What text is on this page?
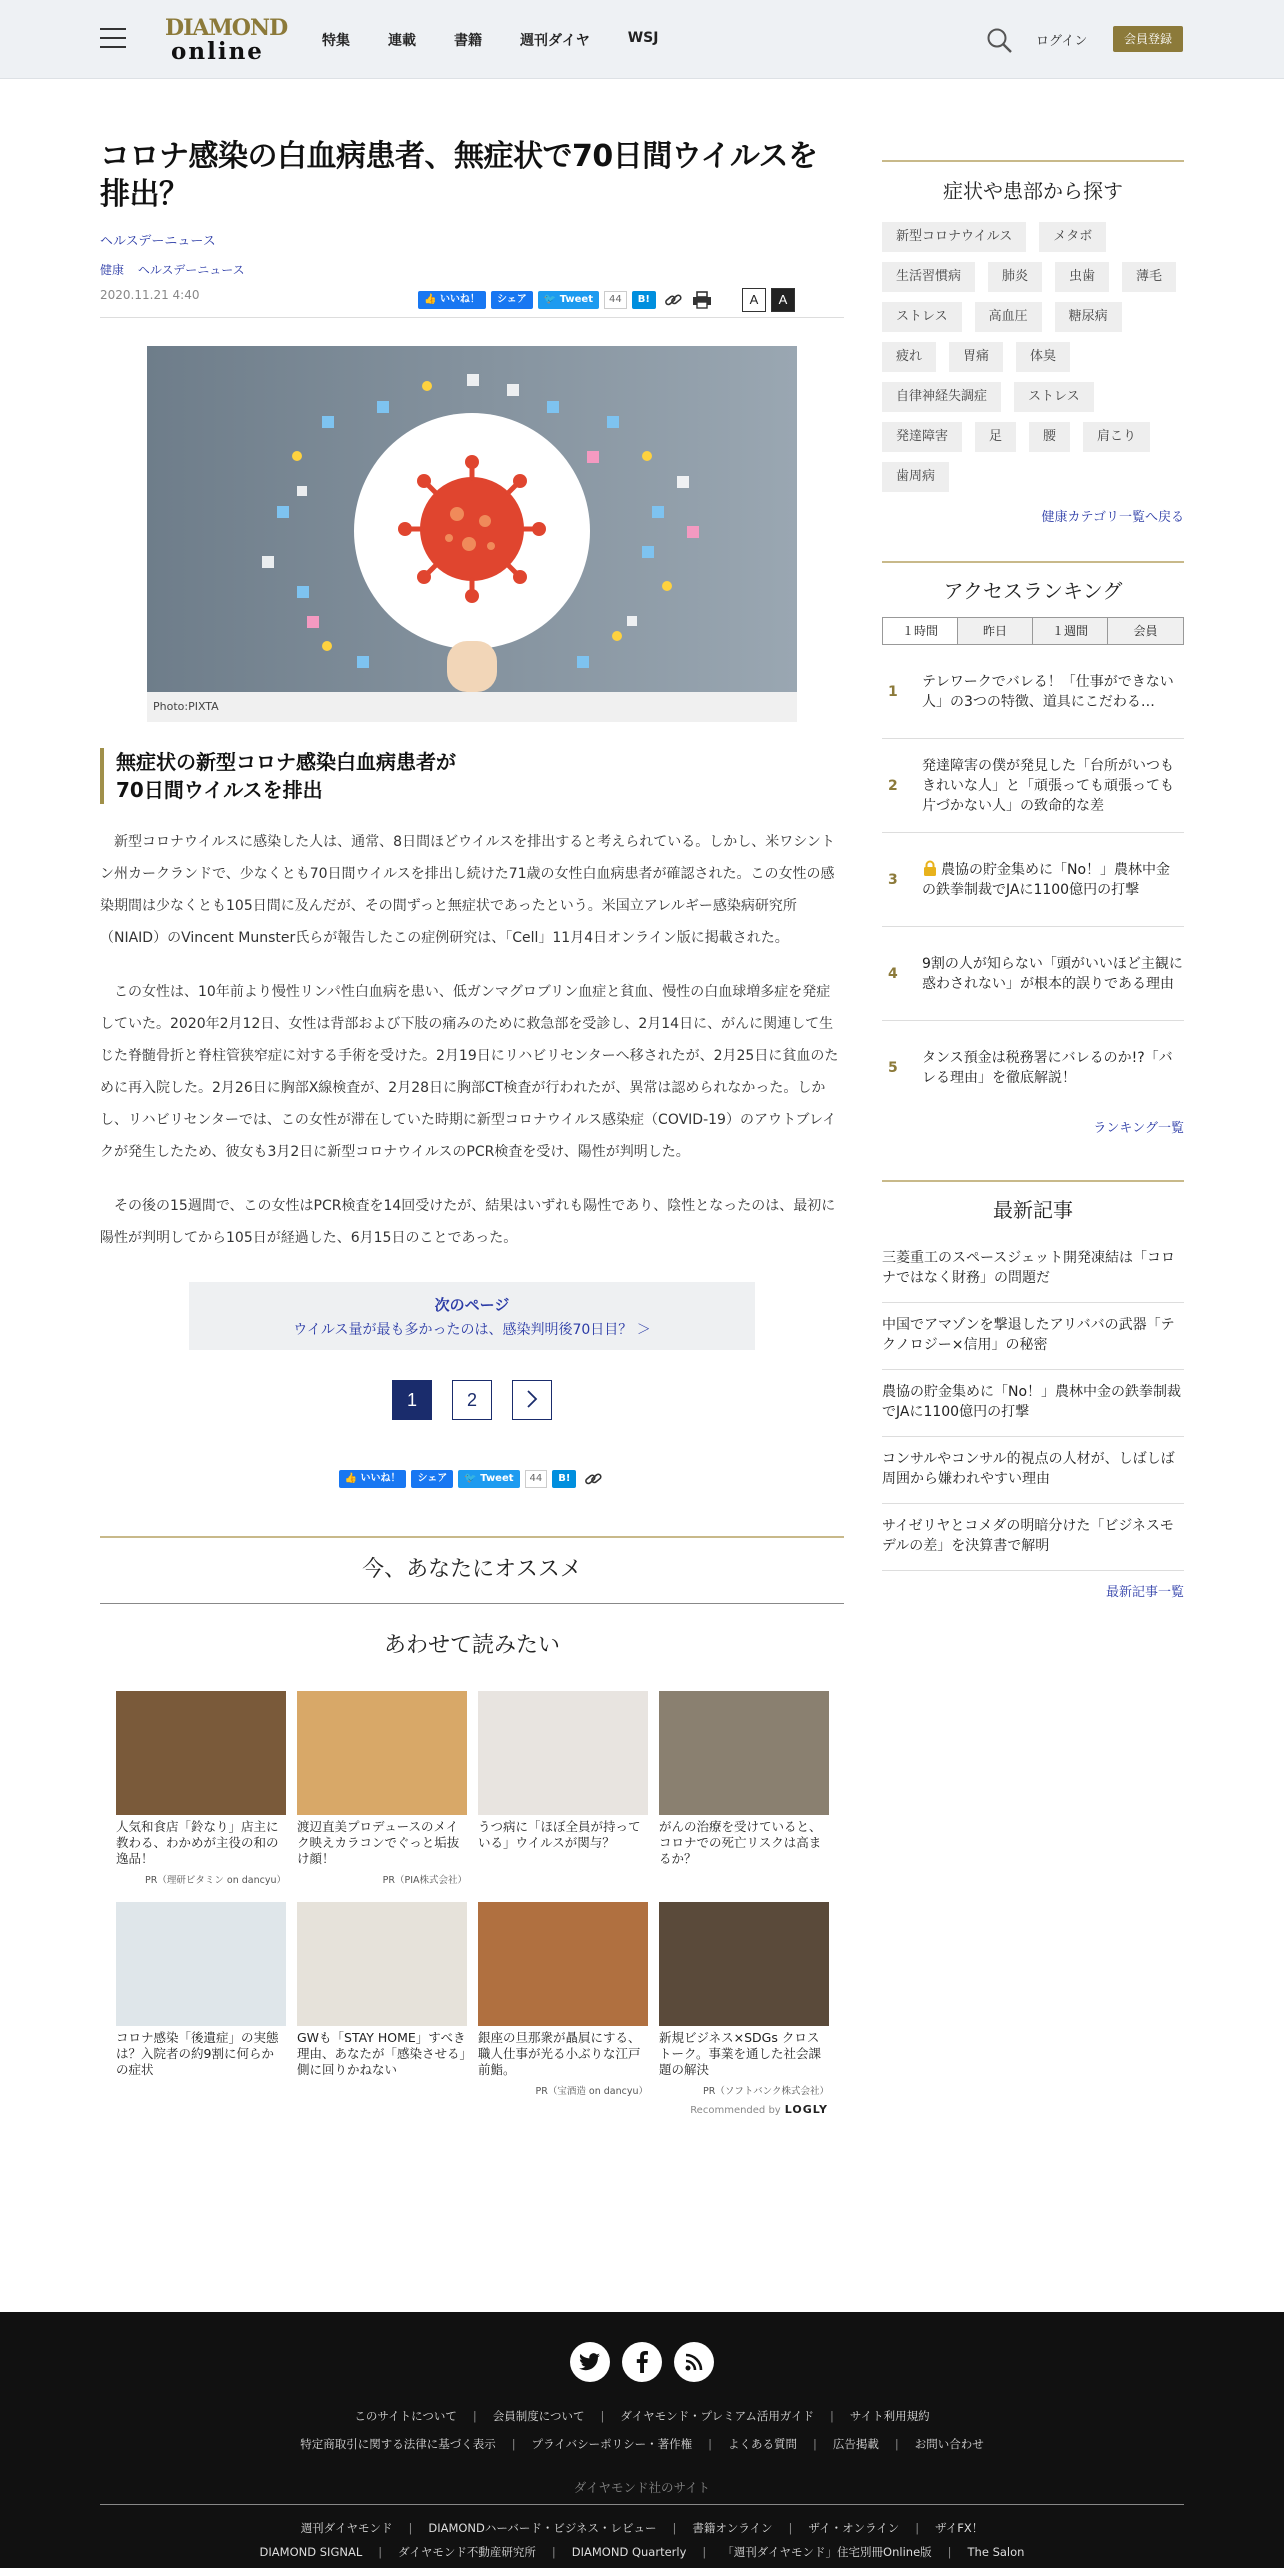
DIAMOND
online	特集	連載	書籍	週刊ダイヤ	WSJ	ログイン	会員登録
コロナ感染の白血病患者、無症状で70日間ウイルスを排出？
ヘルスデーニュース
健康 ヘルスデーニュース
2020.11.21 4:40	👍 いいね！	シェア	🐦 Tweet	44	B!	A	A
Photo:PIXTA
無症状の新型コロナ感染白血病患者が
70日間ウイルスを排出

新型コロナウイルスに感染した人は、通常、8日間ほどウイルスを排出すると考えられている。しかし、米ワシントン州カークランドで、少なくとも70日間ウイルスを排出し続けた71歳の女性白血病患者が確認された。この女性の感染期間は少なくとも105日間に及んだが、その間ずっと無症状であったという。米国立アレルギー感染病研究所（NIAID）のVincent Munster氏らが報告したこの症例研究は、「Cell」11月4日オンライン版に掲載された。

この女性は、10年前より慢性リンパ性白血病を患い、低ガンマグロブリン血症と貧血、慢性の白血球増多症を発症していた。2020年2月12日、女性は背部および下肢の痛みのために救急部を受診し、2月14日に、がんに関連して生じた脊髄骨折と脊柱管狭窄症に対する手術を受けた。2月19日にリハビリセンターへ移されたが、2月25日に貧血のために再入院した。2月26日に胸部X線検査が、2月28日に胸部CT検査が行われたが、異常は認められなかった。しかし、リハビリセンターでは、この女性が滞在していた時期に新型コロナウイルス感染症（COVID-19）のアウトブレイクが発生したため、彼女も3月2日に新型コロナウイルスのPCR検査を受け、陽性が判明した。

その後の15週間で、この女性はPCR検査を14回受けたが、結果はいずれも陽性であり、陰性となったのは、最初に陽性が判明してから105日が経過した、6月15日のことであった。

次のページ
ウイルス量が最も多かったのは、感染判明後70日目？ ＞
1	2
👍 いいね！	シェア	🐦 Tweet	44	B!
今、あなたにオススメ
あわせて読みたい
人気和食店「鈴なり」店主に教わる、わかめが主役の和の逸品！
PR（理研ビタミン on dancyu）
渡辺直美プロデュースのメイク映えカラコンでぐっと垢抜け顔！
PR（PIA株式会社）
うつ病に「ほぼ全員が持っている」ウイルスが関与？
がんの治療を受けていると、コロナでの死亡リスクは高まるか？
コロナ感染「後遺症」の実態は？入院者の約9割に何らかの症状
GWも「STAY HOME」すべき理由、あなたが「感染させる」側に回りかねない
銀座の旦那衆が贔屓にする、職人仕事が光る小ぶりな江戸前鮨。
PR（宝酒造 on dancyu）
新規ビジネス×SDGs クロストーク。事業を通した社会課題の解決
PR（ソフトバンク株式会社）
Recommended by LOGLY
症状や患部から探す
新型コロナウイルス	メタボ
生活習慣病	肺炎	虫歯	薄毛
ストレス	高血圧	糖尿病
疲れ	胃痛	体臭
自律神経失調症	ストレス
発達障害	足	腰	肩こり
歯周病
健康カテゴリ一覧へ戻る
アクセスランキング
１時間	昨日	１週間	会員
1
テレワークでバレる！「仕事ができない人」の3つの特徴、道具にこだわる…
2
発達障害の僕が発見した「台所がいつもきれいな人」と「頑張っても頑張っても片づかない人」の致命的な差
3
農協の貯金集めに「No！」農林中金の鉄拳制裁でJAに1100億円の打撃
4
9割の人が知らない「頭がいいほど主観に惑わされない」が根本的誤りである理由
5
タンス預金は税務署にバレるのか!?「バレる理由」を徹底解説！
ランキング一覧
最新記事
三菱重工のスペースジェット開発凍結は「コロナではなく財務」の問題だ
中国でアマゾンを撃退したアリババの武器「テクノロジー×信用」の秘密
農協の貯金集めに「No！」農林中金の鉄拳制裁でJAに1100億円の打撃
コンサルやコンサル的視点の人材が、しばしば周囲から嫌われやすい理由
サイゼリヤとコメダの明暗分けた「ビジネスモデルの差」を決算書で解明
最新記事一覧
このサイトについて | 会員制度について | ダイヤモンド・プレミアム活用ガイド | サイト利用規約
特定商取引に関する法律に基づく表示 | プライバシーポリシー・著作権 | よくある質問 | 広告掲載 | お問い合わせ
ダイヤモンド社のサイト
週刊ダイヤモンド | DIAMONDハーバード・ビジネス・レビュー | 書籍オンライン | ザイ・オンライン | ザイFX！
DIAMOND SIGNAL | ダイヤモンド不動産研究所 | DIAMOND Quarterly | 「週刊ダイヤモンド」住宅別冊Online版 | The Salon
